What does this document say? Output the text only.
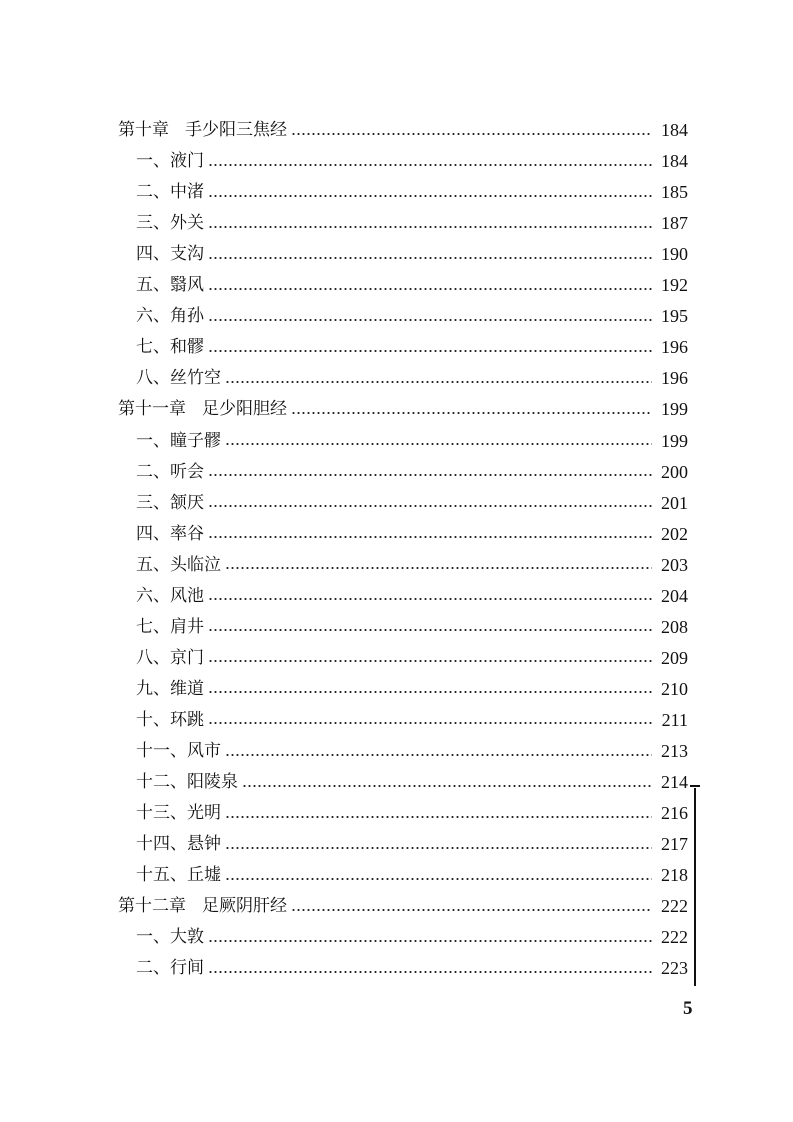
第十章 手少阳三焦经	184
一、液门	184
二、中渚	185
三、外关	187
四、支沟	190
五、翳风	192
六、角孙	195
七、和髎	196
八、丝竹空	196
第十一章 足少阳胆经	199
一、瞳子髎	199
二、听会	200
三、颔厌	201
四、率谷	202
五、头临泣	203
六、风池	204
七、肩井	208
八、京门	209
九、维道	210
十、环跳	211
十一、风市	213
十二、阳陵泉	214
十三、光明	216
十四、悬钟	217
十五、丘墟	218
第十二章 足厥阴肝经	222
一、大敦	222
二、行间	223
5
